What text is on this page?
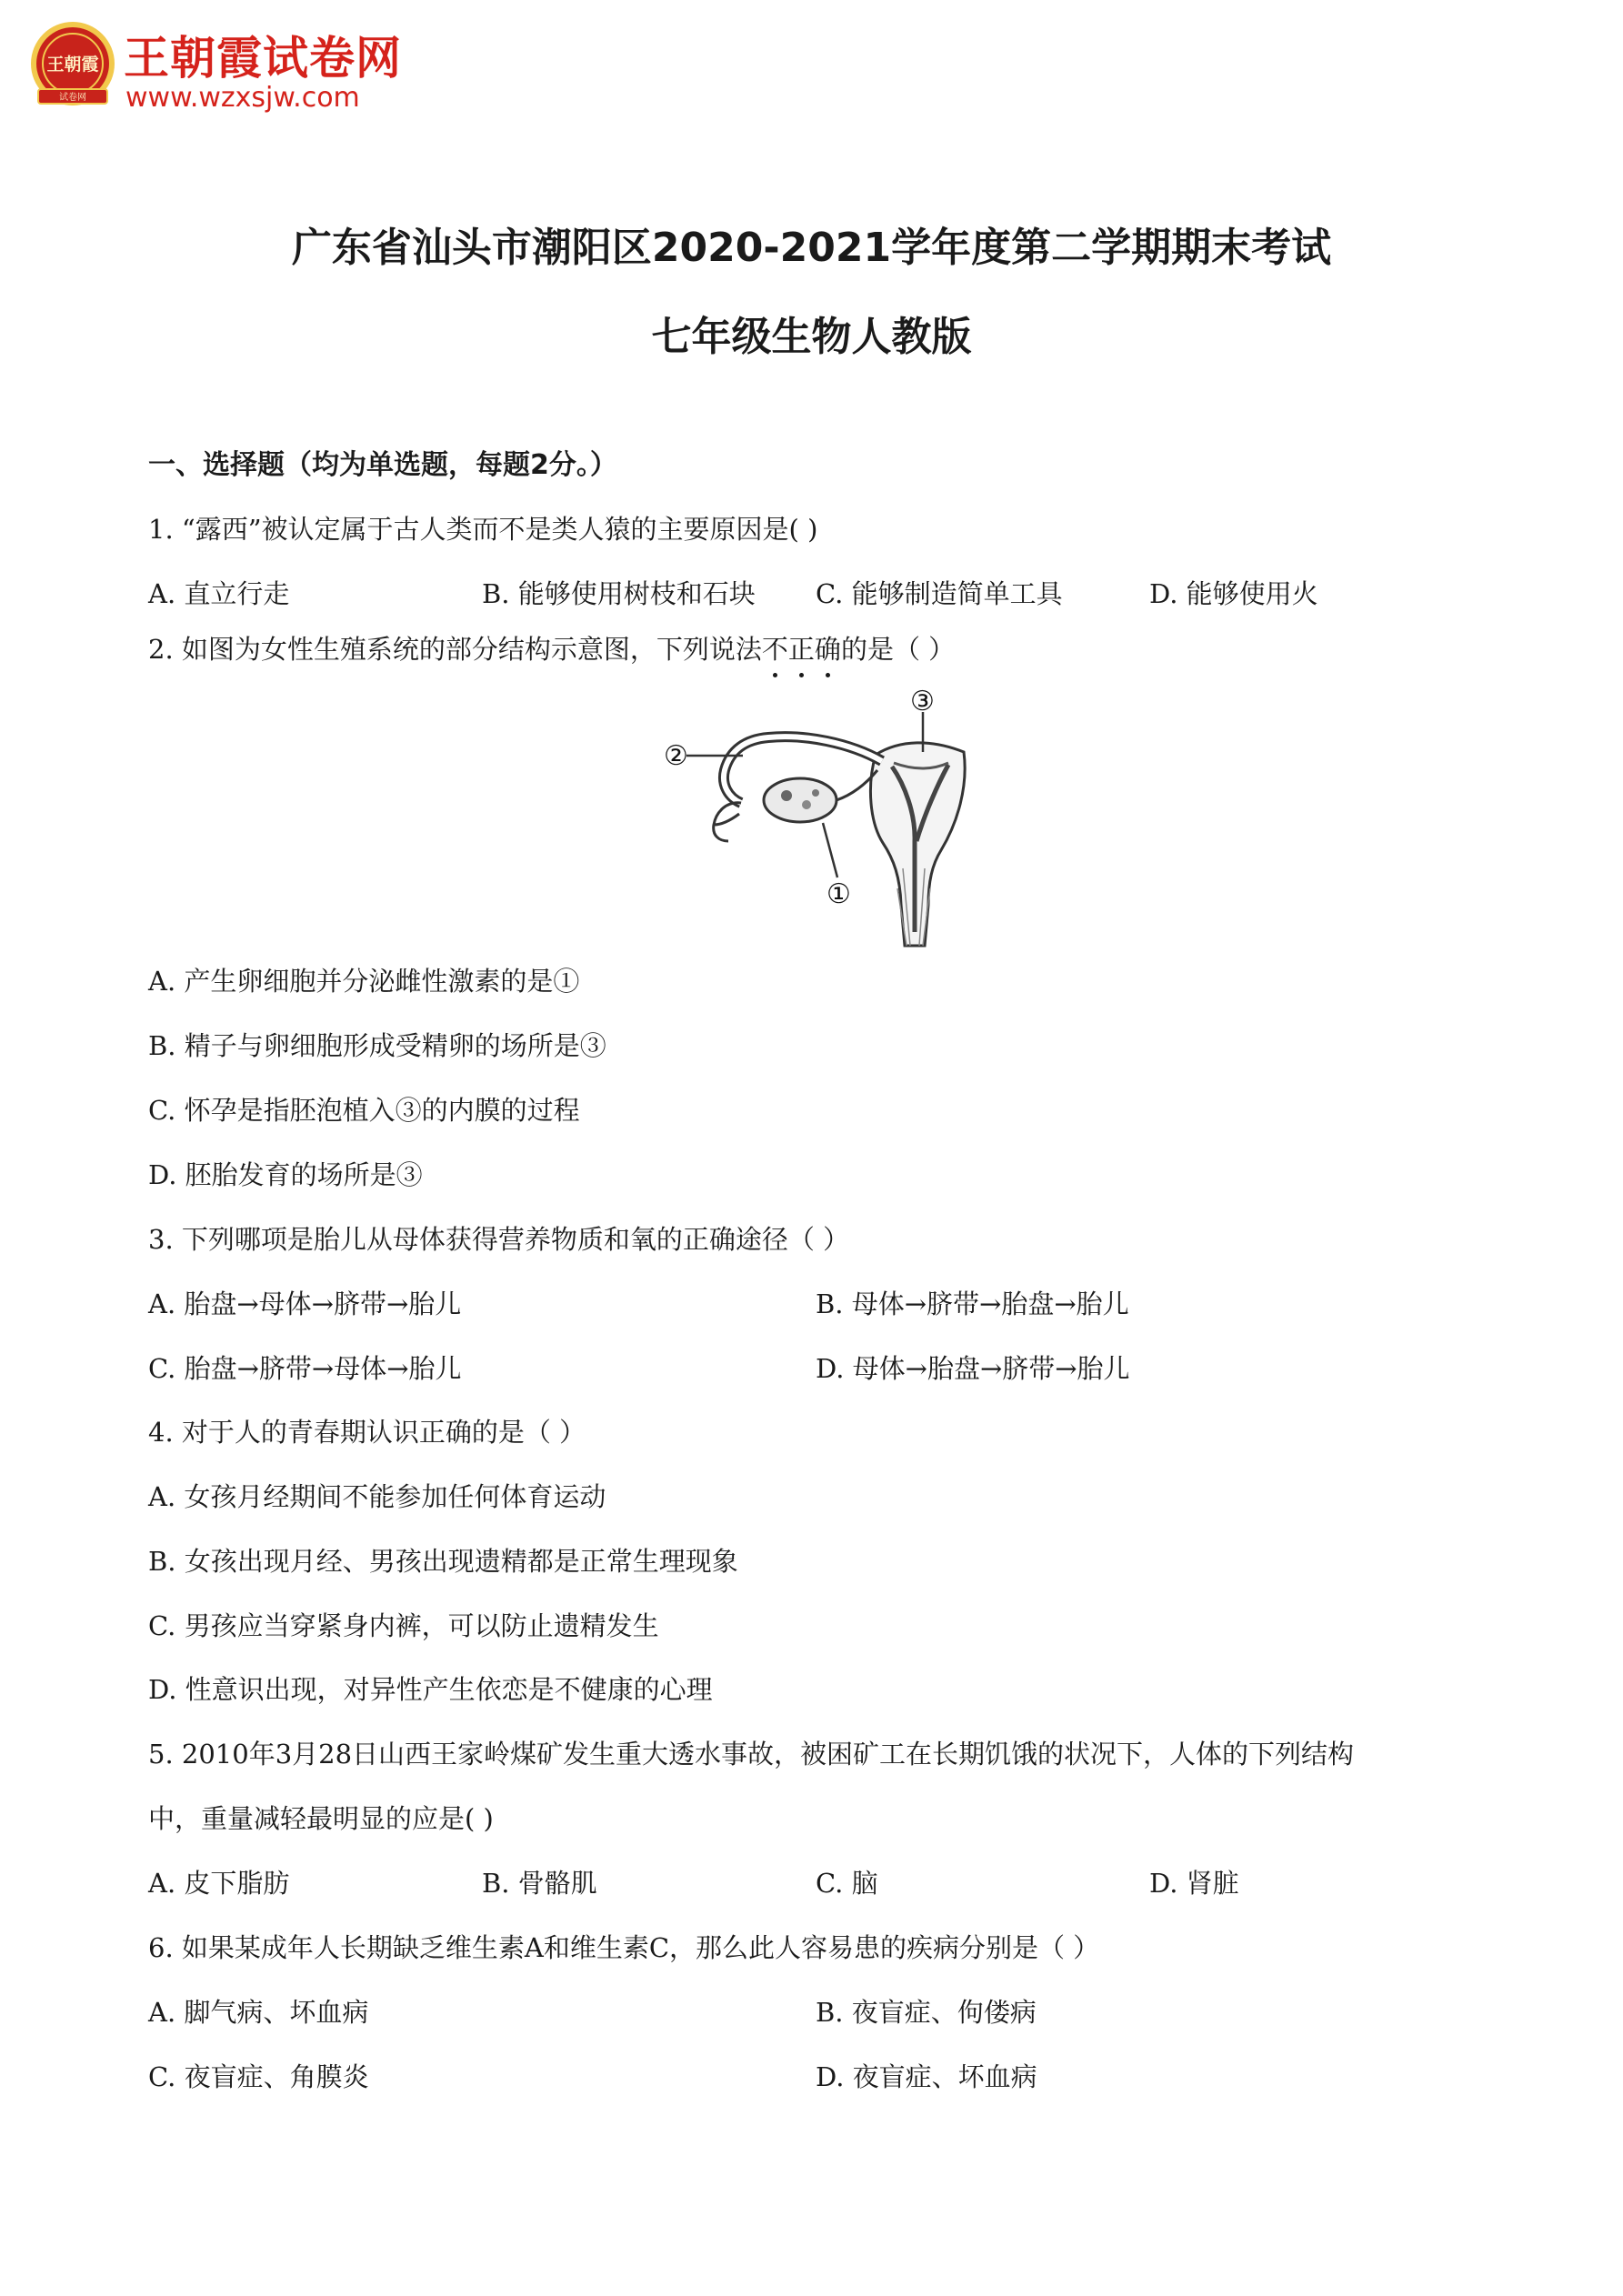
王朝霞
试卷网
王朝霞试卷网
www.wzxsjw.com
广东省汕头市潮阳区2020-2021学年度第二学期期末考试
七年级生物人教版
一、选择题（均为单选题，每题2分。）
1. “露西”被认定属于古人类而不是类人猿的主要原因是( )
A. 直立行走	B. 能够使用树枝和石块 C. 能够制造简单工具	D. 能够使用火
2. 如图为女性生殖系统的部分结构示意图，下列说法不
正
确
的是（ ）
②
③
①
A. 产生卵细胞并分泌雌性激素的是①
B. 精子与卵细胞形成受精卵的场所是③
C. 怀孕是指胚泡植入③的内膜的过程
D. 胚胎发育的场所是③
3. 下列哪项是胎儿从母体获得营养物质和氧的正确途径（ ）
A. 胎盘→母体→脐带→胎儿	B. 母体→脐带→胎盘→胎儿
C. 胎盘→脐带→母体→胎儿	D. 母体→胎盘→脐带→胎儿
4. 对于人的青春期认识正确的是（ ）
A. 女孩月经期间不能参加任何体育运动
B. 女孩出现月经、男孩出现遗精都是正常生理现象
C. 男孩应当穿紧身内裤，可以防止遗精发生
D. 性意识出现，对异性产生依恋是不健康的心理
5. 2010年3月28日山西王家岭煤矿发生重大透水事故，被困矿工在长期饥饿的状况下，人体的下列结构
中，重量减轻最明显的应是( )
A. 皮下脂肪	B. 骨骼肌	C. 脑	D. 肾脏
6. 如果某成年人长期缺乏维生素A和维生素C，那么此人容易患的疾病分别是（ ）
A. 脚气病、坏血病	B. 夜盲症、佝偻病
C. 夜盲症、角膜炎	D. 夜盲症、坏血病
